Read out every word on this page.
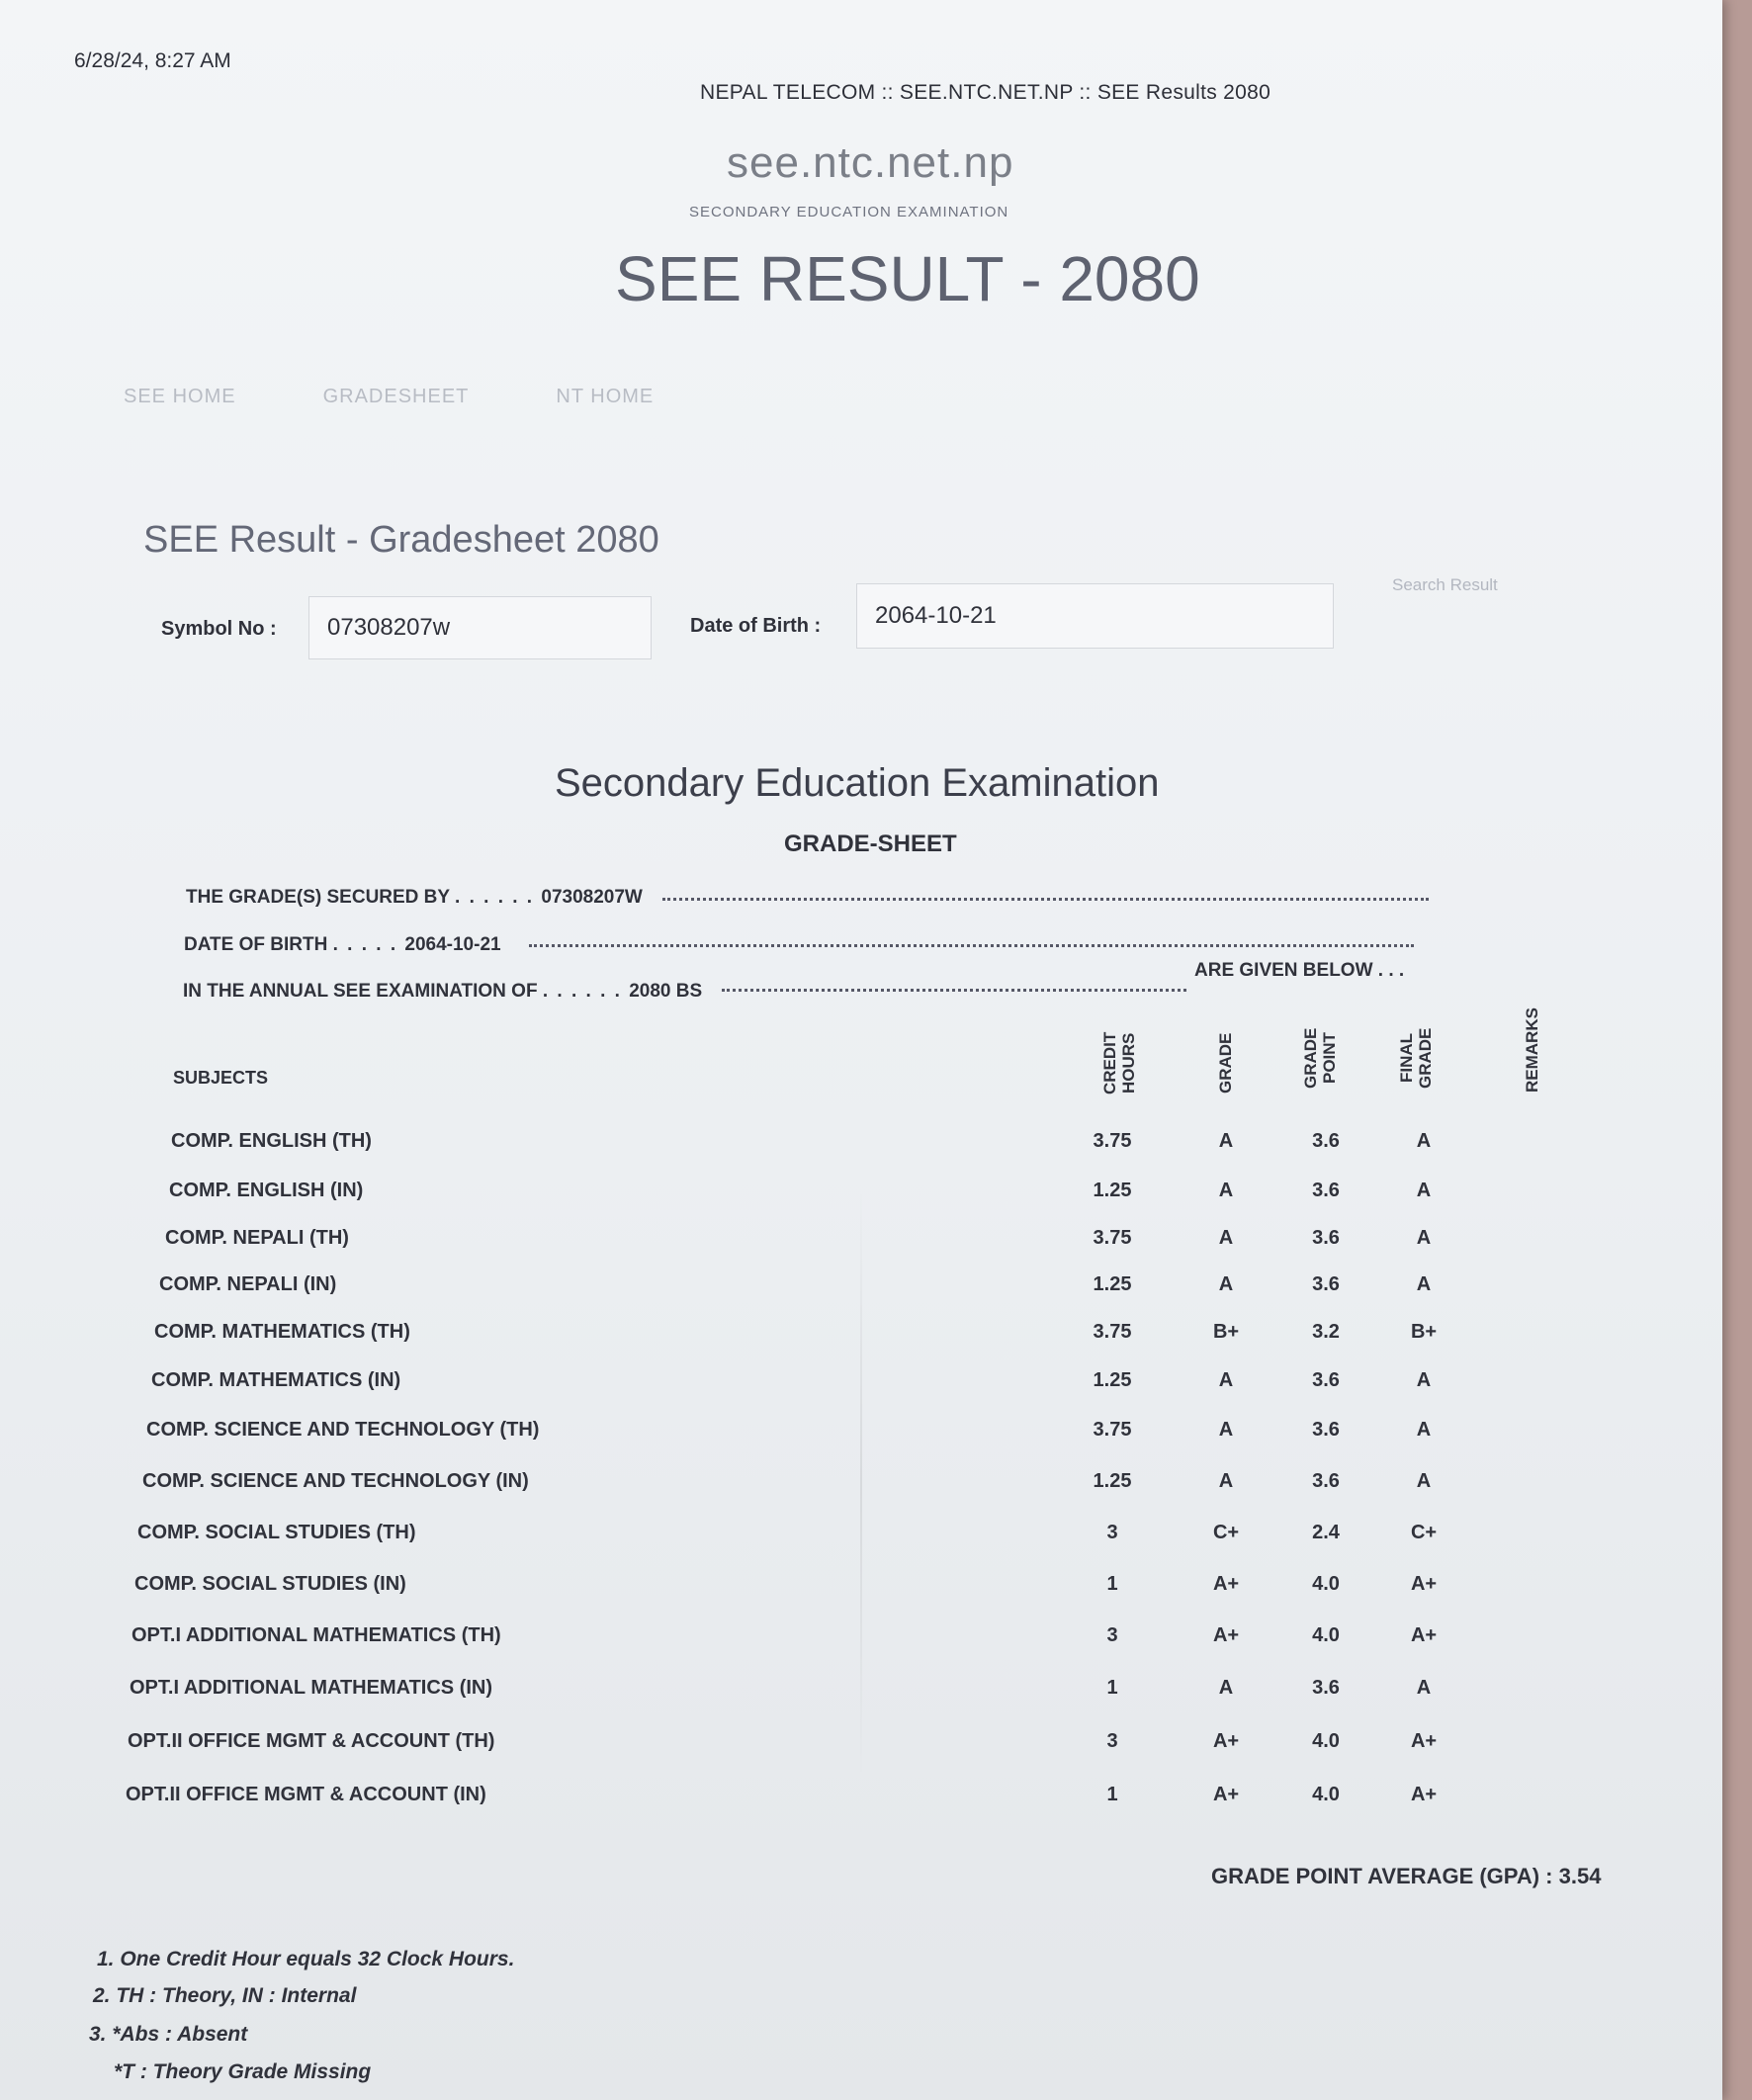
6/28/24, 8:27 AM
NEPAL TELECOM :: SEE.NTC.NET.NP :: SEE Results 2080
see.ntc.net.np
SECONDARY EDUCATION EXAMINATION
SEE RESULT - 2080
SEE HOME	GRADESHEET	NT HOME
SEE Result - Gradesheet 2080
Symbol No : 07308207w	Date of Birth : 2064-10-21
Search Result
Secondary Education Examination
GRADE-SHEET
THE GRADE(S) SECURED BY . . . . . . 07308207W
DATE OF BIRTH . . . . . 2064-10-21
IN THE ANNUAL SEE EXAMINATION OF . . . . . . 2080 BS
ARE GIVEN BELOW . . .
SUBJECTS	CREDIT HOURS	GRADE	GRADE POINT	FINAL GRADE	REMARKS
COMP. ENGLISH (TH)	3.75	A	3.6	A
COMP. ENGLISH (IN)	1.25	A	3.6	A
COMP. NEPALI (TH)	3.75	A	3.6	A
COMP. NEPALI (IN)	1.25	A	3.6	A
COMP. MATHEMATICS (TH)	3.75	B+	3.2	B+
COMP. MATHEMATICS (IN)	1.25	A	3.6	A
COMP. SCIENCE AND TECHNOLOGY (TH)	3.75	A	3.6	A
COMP. SCIENCE AND TECHNOLOGY (IN)	1.25	A	3.6	A
COMP. SOCIAL STUDIES (TH)	3	C+	2.4	C+
COMP. SOCIAL STUDIES (IN)	1	A+	4.0	A+
OPT.I ADDITIONAL MATHEMATICS (TH)	3	A+	4.0	A+
OPT.I ADDITIONAL MATHEMATICS (IN)	1	A	3.6	A
OPT.II OFFICE MGMT & ACCOUNT (TH)	3	A+	4.0	A+
OPT.II OFFICE MGMT & ACCOUNT (IN)	1	A+	4.0	A+
GRADE POINT AVERAGE (GPA) : 3.54
1. One Credit Hour equals 32 Clock Hours.
2. TH : Theory, IN : Internal
3. *Abs : Absent
*T : Theory Grade Missing
